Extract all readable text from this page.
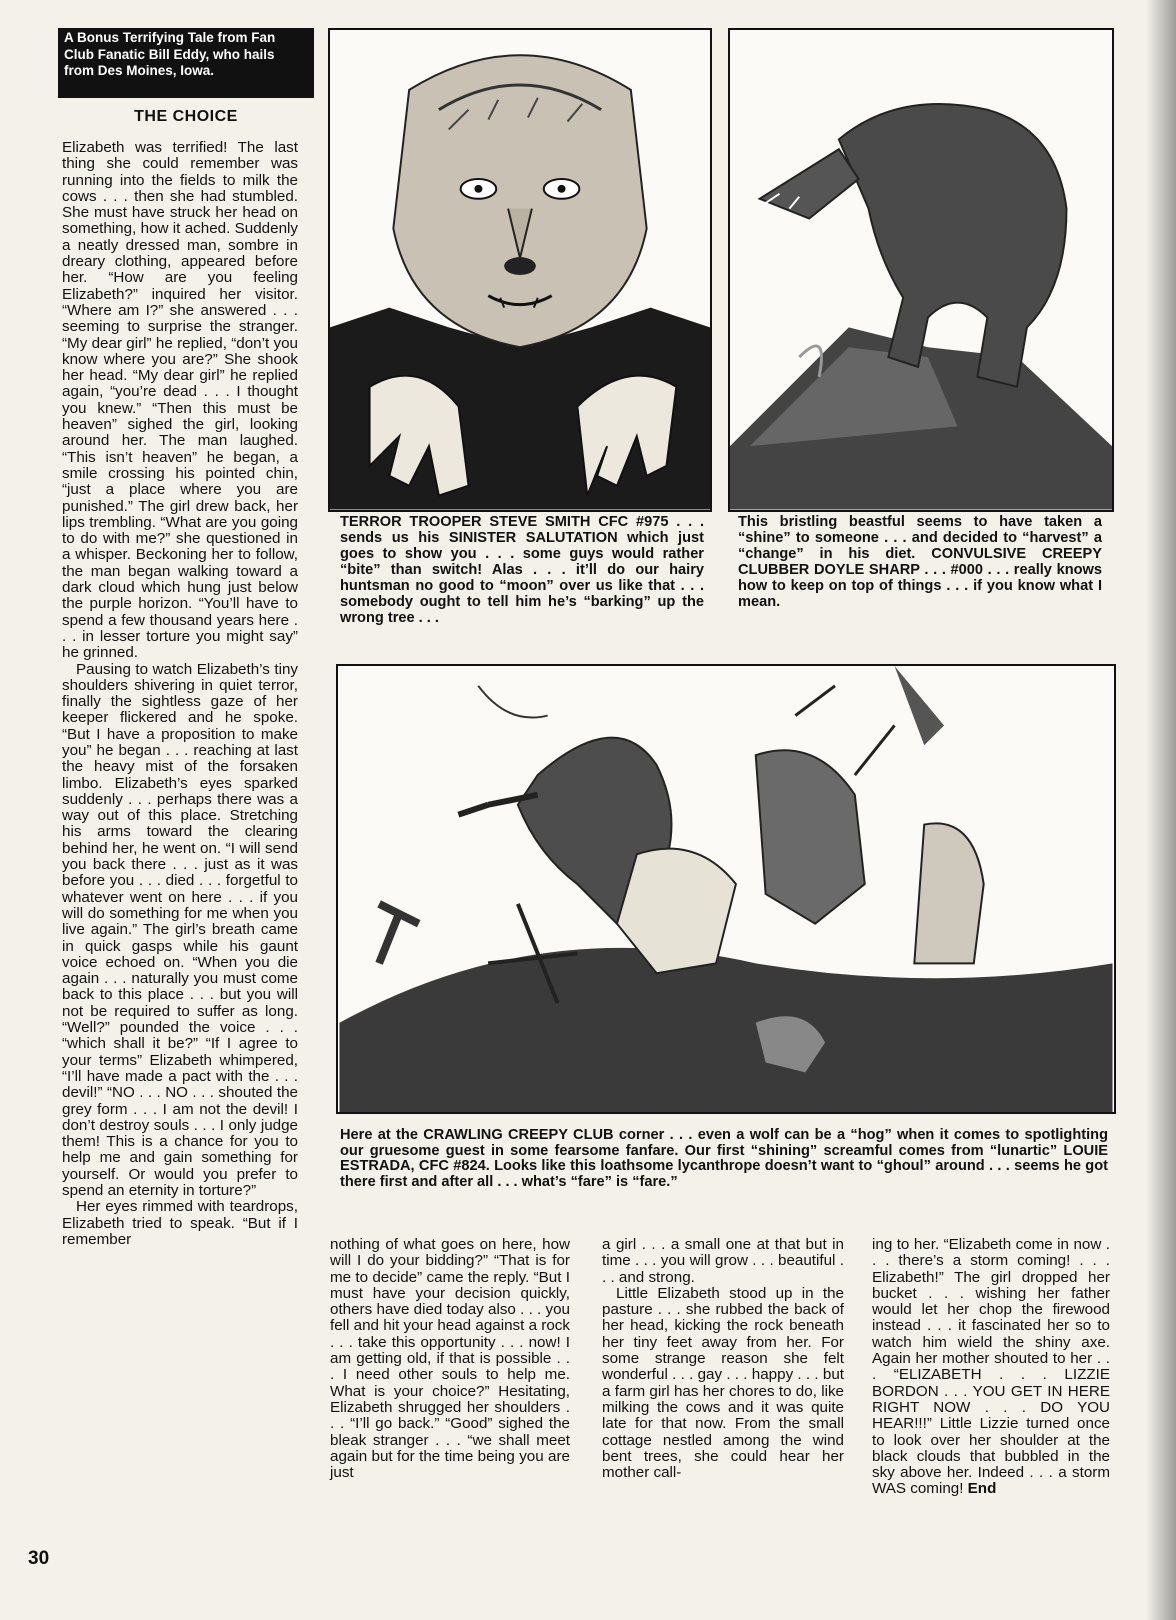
A Bonus Terrifying Tale from Fan Club Fanatic Bill Eddy, who hails from Des Moines, Iowa.
THE CHOICE

Elizabeth was terrified! The last thing she could remember was running into the fields to milk the cows . . . then she had stumbled. She must have struck her head on something, how it ached. Suddenly a neatly dressed man, sombre in dreary clothing, appeared before her. “How are you feeling Elizabeth?” inquired her visitor. “Where am I?” she answered . . . seeming to surprise the stranger. “My dear girl” he replied, “don’t you know where you are?” She shook her head. “My dear girl” he replied again, “you’re dead . . . I thought you knew.” “Then this must be heaven” sighed the girl, looking around her. The man laughed. “This isn’t heaven” he began, a smile crossing his pointed chin, “just a place where you are punished.” The girl drew back, her lips trembling. “What are you going to do with me?” she questioned in a whisper. Beckoning her to follow, the man began walking toward a dark cloud which hung just below the purple horizon. “You’ll have to spend a few thousand years here . . . in lesser torture you might say” he grinned.

Pausing to watch Elizabeth’s tiny shoulders shivering in quiet terror, finally the sightless gaze of her keeper flickered and he spoke. “But I have a proposition to make you” he began . . . reaching at last the heavy mist of the forsaken limbo. Elizabeth’s eyes sparked suddenly . . . perhaps there was a way out of this place. Stretching his arms toward the clearing behind her, he went on. “I will send you back there . . . just as it was before you . . . died . . . forgetful to whatever went on here . . . if you will do something for me when you live again.” The girl’s breath came in quick gasps while his gaunt voice echoed on. “When you die again . . . naturally you must come back to this place . . . but you will not be required to suffer as long. “Well?” pounded the voice . . . “which shall it be?” “If I agree to your terms” Elizabeth whimpered, “I’ll have made a pact with the . . . devil!” “NO . . . NO . . . shouted the grey form . . . I am not the devil! I don’t destroy souls . . . I only judge them! This is a chance for you to help me and gain something for yourself. Or would you prefer to spend an eternity in torture?”

Her eyes rimmed with teardrops, Elizabeth tried to speak. “But if I remember

TERROR TROOPER STEVE SMITH CFC #975 . . . sends us his SINISTER SALUTATION which just goes to show you . . . some guys would rather “bite” than switch! Alas . . . it’ll do our hairy huntsman no good to “moon” over us like that . . . somebody ought to tell him he’s “barking” up the wrong tree . . .
This bristling beastful seems to have taken a “shine” to someone . . . and decided to “harvest” a “change” in his diet. CONVULSIVE CREEPY CLUBBER DOYLE SHARP . . . #000 . . . really knows how to keep on top of things . . . if you know what I mean.
Here at the CRAWLING CREEPY CLUB corner . . . even a wolf can be a “hog” when it comes to spotlighting our gruesome guest in some fearsome fanfare. Our first “shining” screamful comes from “lunartic” LOUIE ESTRADA, CFC #824. Looks like this loathsome lycanthrope doesn’t want to “ghoul” around . . . seems he got there first and after all . . . what’s “fare” is “fare.”

nothing of what goes on here, how will I do your bidding?” “That is for me to decide” came the reply. “But I must have your decision quickly, others have died today also . . . you fell and hit your head against a rock . . . take this opportunity . . . now! I am getting old, if that is possible . . . I need other souls to help me. What is your choice?” Hesitating, Elizabeth shrugged her shoulders . . . “I’ll go back.” “Good” sighed the bleak stranger . . . “we shall meet again but for the time being you are just

a girl . . . a small one at that but in time . . . you will grow . . . beautiful . . . and strong.

Little Elizabeth stood up in the pasture . . . she rubbed the back of her head, kicking the rock beneath her tiny feet away from her. For some strange reason she felt wonderful . . . gay . . . happy . . . but a farm girl has her chores to do, like milking the cows and it was quite late for that now. From the small cottage nestled among the wind bent trees, she could hear her mother call-

ing to her. “Elizabeth come in now . . . there’s a storm coming! . . . Elizabeth!” The girl dropped her bucket . . . wishing her father would let her chop the firewood instead . . . it fascinated her so to watch him wield the shiny axe. Again her mother shouted to her . . . “ELIZABETH . . . LIZZIE BORDON . . . YOU GET IN HERE RIGHT NOW . . . DO YOU HEAR!!!” Little Lizzie turned once to look over her shoulder at the black clouds that bubbled in the sky above her. Indeed . . . a storm WAS coming! End

30
